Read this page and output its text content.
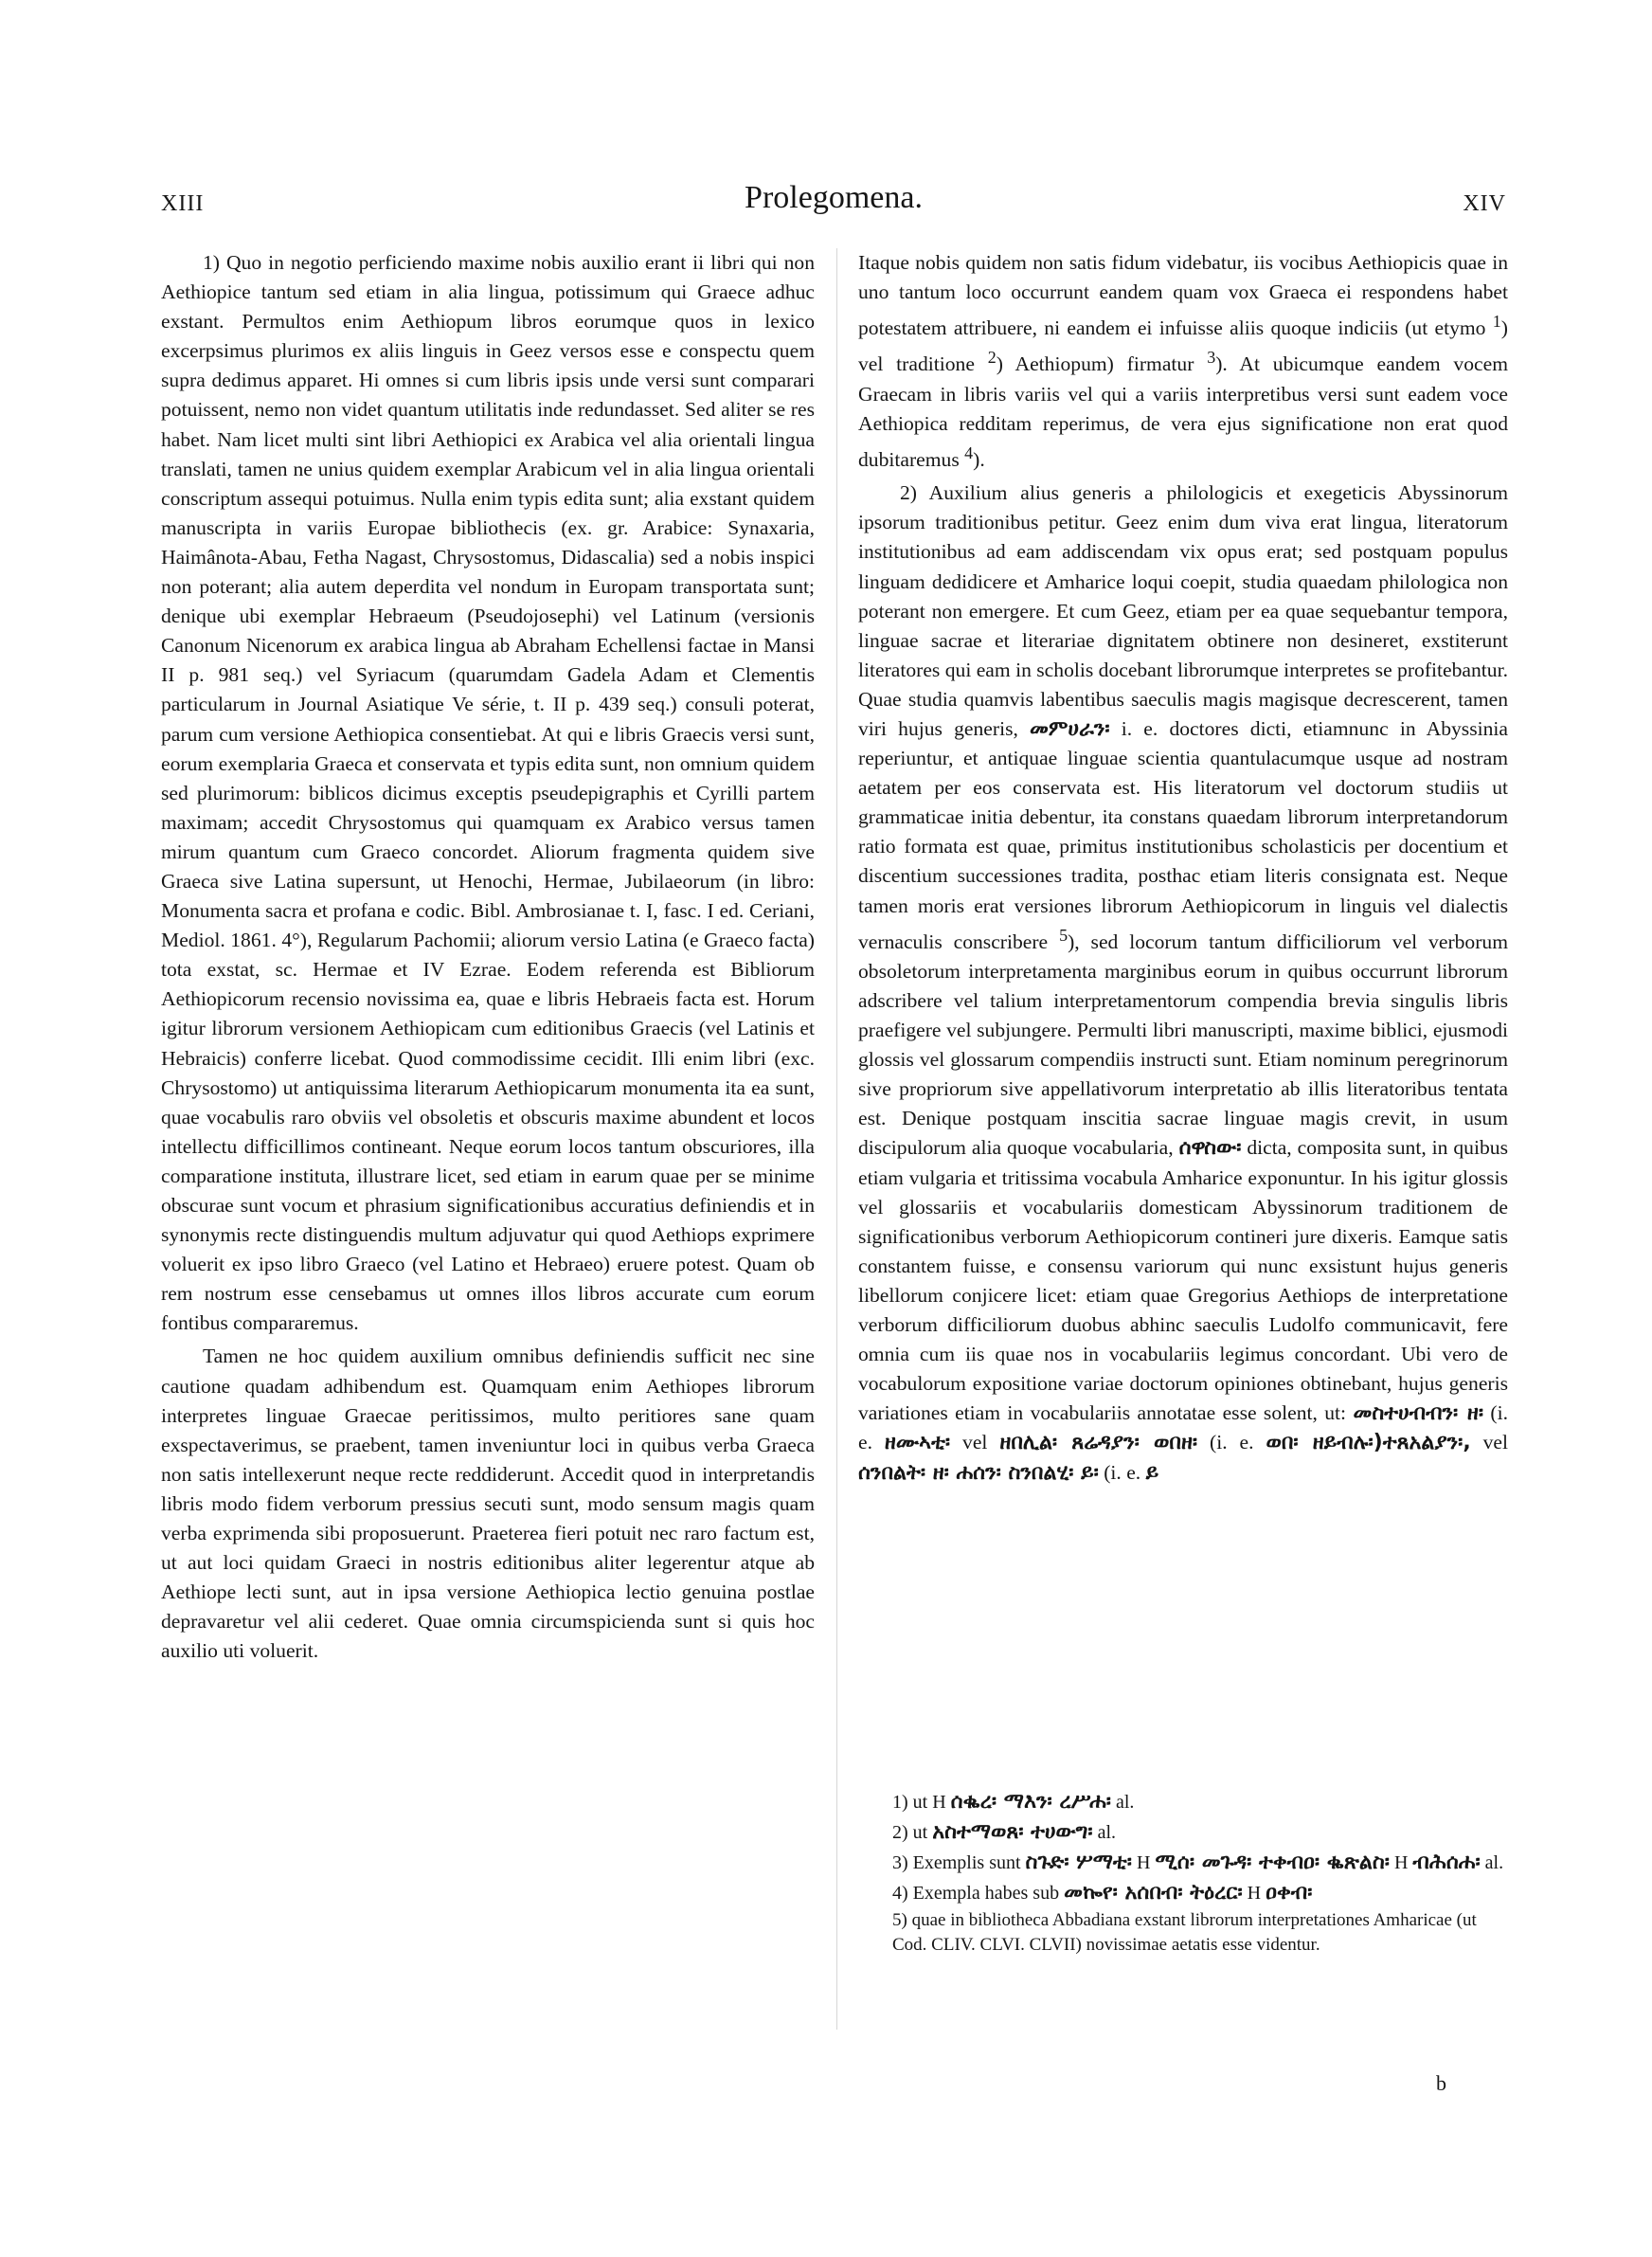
XIII	Prolegomena.	XIV

1) Quo in negotio perficiendo maxime nobis auxilio erant ii libri qui non Aethiopice tantum sed etiam in alia lingua, potissimum qui Graece adhuc exstant. Permultos enim Aethiopum libros eorumque quos in lexico excerpsimus plurimos ex aliis linguis in Geez versos esse e conspectu quem supra dedimus apparet. Hi omnes si cum libris ipsis unde versi sunt comparari potuissent, nemo non videt quantum utilitatis inde redundasset. Sed aliter se res habet. Nam licet multi sint libri Aethiopici ex Arabica vel alia orientali lingua translati, tamen ne unius quidem exemplar Arabicum vel in alia lingua orientali conscriptum assequi potuimus. Nulla enim typis edita sunt; alia exstant quidem manuscripta in variis Europae bibliothecis (ex. gr. Arabice: Synaxaria, Haimânota-Abau, Fetha Nagast, Chrysostomus, Didascalia) sed a nobis inspici non poterant; alia autem deperdita vel nondum in Europam transportata sunt; denique ubi exemplar Hebraeum (Pseudojosephi) vel Latinum (versionis Canonum Nicenorum ex arabica lingua ab Abraham Echellensi factae in Mansi II p. 981 seq.) vel Syriacum (quarumdam Gadela Adam et Clementis particularum in Journal Asiatique Ve série, t. II p. 439 seq.) consuli poterat, parum cum versione Aethiopica consentiebat. At qui e libris Graecis versi sunt, eorum exemplaria Graeca et conservata et typis edita sunt, non omnium quidem sed plurimorum: biblicos dicimus exceptis pseudepigraphis et Cyrilli partem maximam; accedit Chrysostomus qui quamquam ex Arabico versus tamen mirum quantum cum Graeco concordet. Aliorum fragmenta quidem sive Graeca sive Latina supersunt, ut Henochi, Hermae, Jubilaeorum (in libro: Monumenta sacra et profana e codic. Bibl. Ambrosianae t. I, fasc. I ed. Ceriani, Mediol. 1861. 4°), Regularum Pachomii; aliorum versio Latina (e Graeco facta) tota exstat, sc. Hermae et IV Ezrae. Eodem referenda est Bibliorum Aethiopicorum recensio novissima ea, quae e libris Hebraeis facta est. Horum igitur librorum versionem Aethiopicam cum editionibus Graecis (vel Latinis et Hebraicis) conferre licebat. Quod commodissime cecidit. Illi enim libri (exc. Chrysostomo) ut antiquissima literarum Aethiopicarum monumenta ita ea sunt, quae vocabulis raro obviis vel obsoletis et obscuris maxime abundent et locos intellectu difficillimos contineant. Neque eorum locos tantum obscuriores, illa comparatione instituta, illustrare licet, sed etiam in earum quae per se minime obscurae sunt vocum et phrasium significationibus accuratius definiendis et in synonymis recte distinguendis multum adjuvatur qui quod Aethiops exprimere voluerit ex ipso libro Graeco (vel Latino et Hebraeo) eruere potest. Quam ob rem nostrum esse censebamus ut omnes illos libros accurate cum eorum fontibus compararemus.

Tamen ne hoc quidem auxilium omnibus definiendis sufficit nec sine cautione quadam adhibendum est. Quamquam enim Aethiopes librorum interpretes linguae Graecae peritissimos, multo peritiores sane quam exspectaverimus, se praebent, tamen inveniuntur loci in quibus verba Graeca non satis intellexerunt neque recte reddiderunt. Accedit quod in interpretandis libris modo fidem verborum pressius secuti sunt, modo sensum magis quam verba exprimenda sibi proposuerunt. Praeterea fieri potuit nec raro factum est, ut aut loci quidam Graeci in nostris editionibus aliter legerentur atque ab Aethiope lecti sunt, aut in ipsa versione Aethiopica lectio genuina postlae depravaretur vel alii cederet. Quae omnia circumspicienda sunt si quis hoc auxilio uti voluerit.

Itaque nobis quidem non satis fidum videbatur, iis vocibus Aethiopicis quae in uno tantum loco occurrunt eandem quam vox Graeca ei respondens habet potestatem attribuere, ni eandem ei infuisse aliis quoque indiciis (ut etymo $^1$) vel traditione $^2$) Aethiopum) firmatur $^3$). At ubicumque eandem vocem Graecam in libris variis vel qui a variis interpretibus versi sunt eadem voce Aethiopica redditam reperimus, de vera ejus significatione non erat quod dubitaremus $^4$).

2) Auxilium alius generis a philologicis et exegeticis Abyssinorum ipsorum traditionibus petitur. Geez enim dum viva erat lingua, literatorum institutionibus ad eam addiscendam vix opus erat; sed postquam populus linguam dedidicere et Amharice loqui coepit, studia quaedam philologica non poterant non emergere. Et cum Geez, etiam per ea quae sequebantur tempora, linguae sacrae et literariae dignitatem obtinere non desineret, exstiterunt literatores qui eam in scholis docebant librorumque interpretes se profitebantur. Quae studia quamvis labentibus saeculis magis magisque decrescerent, tamen viri hujus generis, መምሀራን፡ i. e. doctores dicti, etiamnunc in Abyssinia reperiuntur, et antiquae linguae scientia quantulacumque usque ad nostram aetatem per eos conservata est. His literatorum vel doctorum studiis ut grammaticae initia debentur, ita constans quaedam librorum interpretandorum ratio formata est quae, primitus institutionibus scholasticis per docentium et discentium successiones tradita, posthac etiam literis consignata est. Neque tamen moris erat versiones librorum Aethiopicorum in linguis vel dialectis vernaculis conscribere $^5$), sed locorum tantum difficiliorum vel verborum obsoletorum interpretamenta marginibus eorum in quibus occurrunt librorum adscribere vel talium interpretamentorum compendia brevia singulis libris praefigere vel subjungere. Permulti libri manuscripti, maxime biblici, ejusmodi glossis vel glossarum compendiis instructi sunt. Etiam nominum peregrinorum sive propriorum sive appellativorum interpretatio ab illis literatoribus tentata est. Denique postquam inscitia sacrae linguae magis crevit, in usum discipulorum alia quoque vocabularia, ሰዋስው፡ dicta, composita sunt, in quibus etiam vulgaria et tritissima vocabula Amharice exponuntur. In his igitur glossis vel glossariis et vocabulariis domesticam Abyssinorum traditionem de significationibus verborum Aethiopicorum contineri jure dixeris. Eamque satis constantem fuisse, e consensu variorum qui nunc exsistunt hujus generis libellorum conjicere licet: etiam quae Gregorius Aethiops de interpretatione verborum difficiliorum duobus abhinc saeculis Ludolfo communicavit, fere omnia cum iis quae nos in vocabulariis legimus concordant. Ubi vero de vocabulorum expositione variae doctorum opiniones obtinebant, hujus generis variationes etiam in vocabulariis annotatae esse solent, ut: መስተሀብብን፡ ዘ፡ (i. e. ዘሙኣቲ፡ vel ዘበሊል፡ ጸሬዳያን፡ ወበዘ፡ (i. e. ወበ፡ ዘይብሉ፡)ተጸአልያን፡, vel ሰንበልት፡ ዘ፡ ሐሰን፡ ስንበልሂ፡ ይ፡ (i. e. ይ

1) ut H ሰቈረ፡ ማእን፡ ረሥሐ፡ al.

2) ut አስተማወጸ፡ ተሀውግ፡ al.

3) Exemplis sunt ስጉድ፡ ሦማቲ፡ H ሚሰ፡ መጉዳ፡ ተቀብዐ፡ ቈጽልስ፡ H ብሕሰሐ፡ al.

4) Exempla habes sub መኰየ፡ አሰበብ፡ ትዕረር፡ H ዐቀብ፡

5) quae in bibliotheca Abbadiana exstant librorum interpretationes Amharicae (ut Cod. CLIV. CLVI. CLVII) novissimae aetatis esse videntur.

b
